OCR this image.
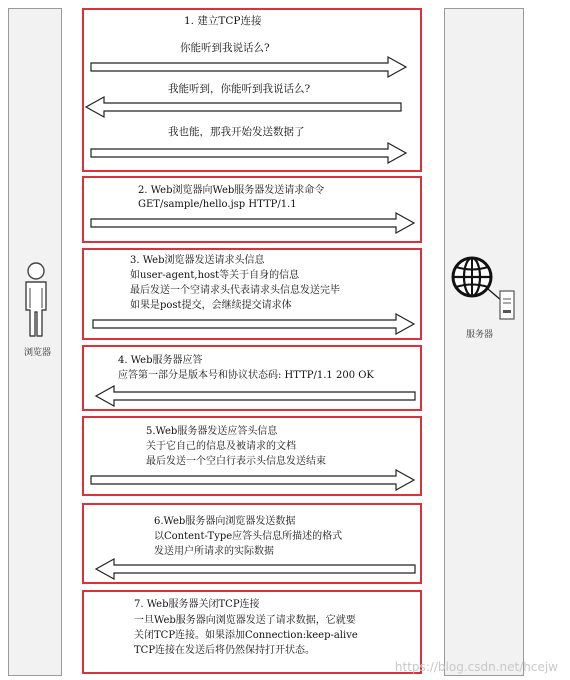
浏览器
服务器
1. 建立TCP连接
你能听到我说话么?
我能听到，你能听到我说话么?
我也能，那我开始发送数据了
2. Web浏览器向Web服务器发送请求命令
GET/sample/hello.jsp HTTP/1.1
3. Web浏览器发送请求头信息
如user-agent,host等关于自身的信息
最后发送一个空请求头代表请求头信息发送完毕
如果是post提交，会继续提交请求体
4. Web服务器应答
应答第一部分是版本号和协议状态码: HTTP/1.1 200 OK
5.Web服务器发送应答头信息
关于它自己的信息及被请求的文档
最后发送一个空白行表示头信息发送结束
6.Web服务器向浏览器发送数据
以Content-Type应答头信息所描述的格式
发送用户所请求的实际数据
7. Web服务器关闭TCP连接
一旦Web服务器向浏览器发送了请求数据，它就要
关闭TCP连接。如果添加Connection:keep-alive
TCP连接在发送后将仍然保持打开状态。
https://blog.csdn.net/hcejw
